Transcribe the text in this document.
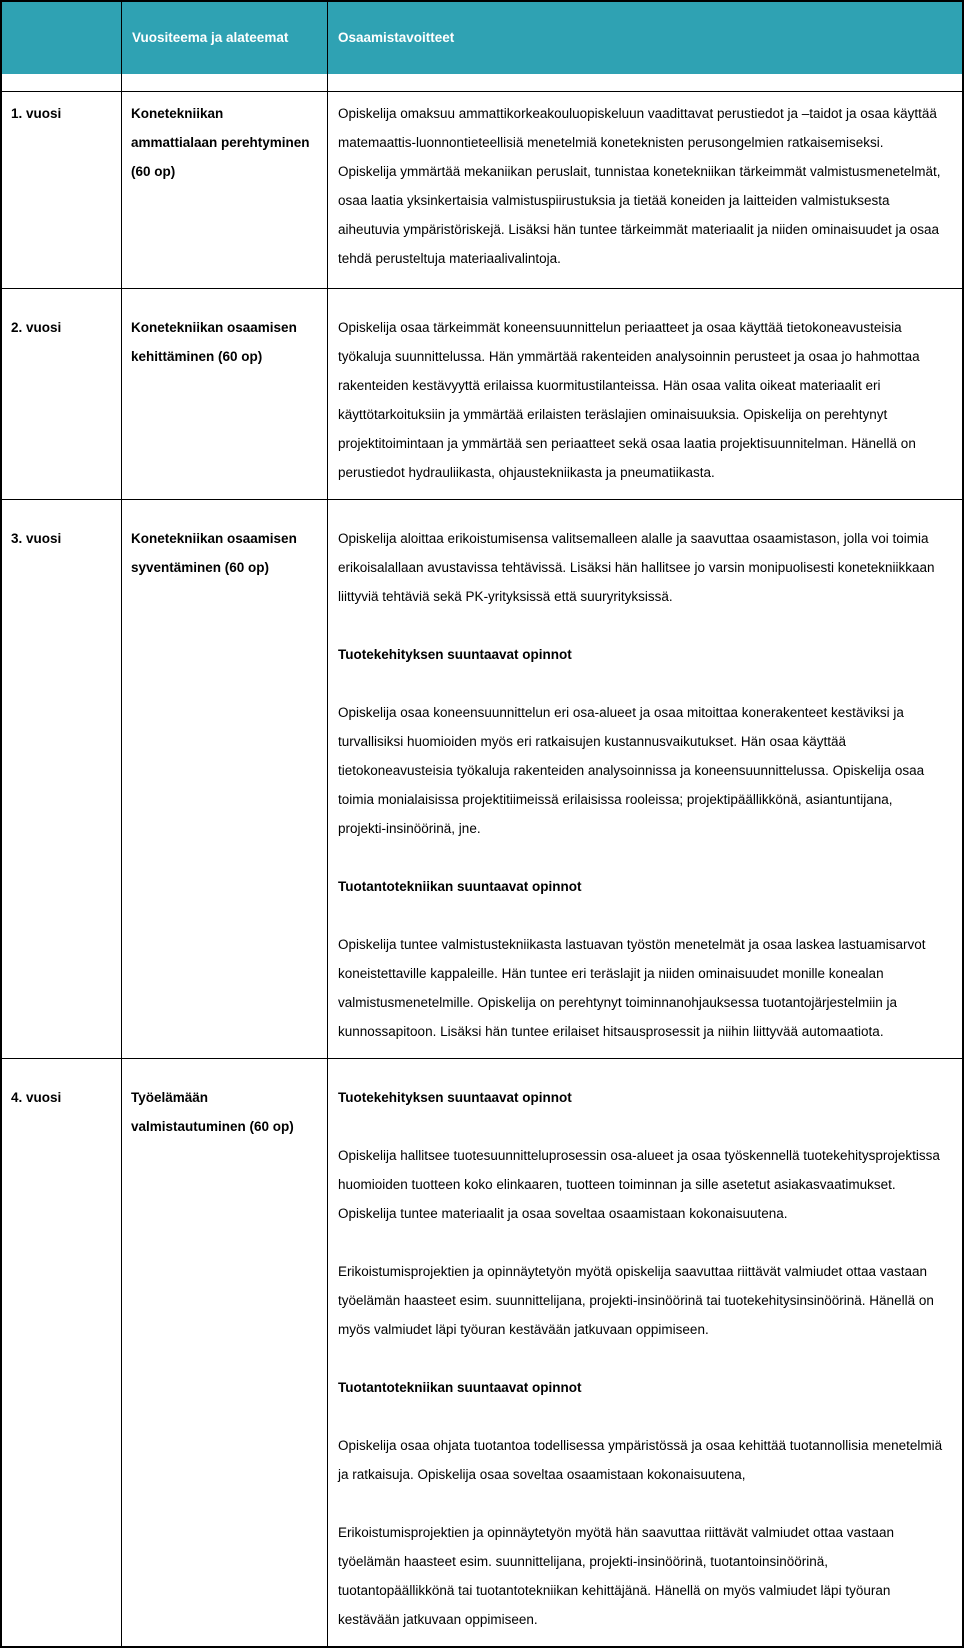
Vuositeema ja alateemat	Osaamistavoitteet
1. vuosi	Konetekniikan ammattialaan perehtyminen (60 op)

Opiskelija omaksuu ammattikorkeakouluopiskeluun vaadittavat perustiedot ja –taidot ja osaa käyttää matemaattis-luonnontieteellisiä menetelmiä koneteknisten perusongelmien ratkaisemiseksi. Opiskelija ymmärtää mekaniikan peruslait, tunnistaa konetekniikan tärkeimmät valmistusmenetelmät, osaa laatia yksinkertaisia valmistuspiirustuksia ja tietää koneiden ja laitteiden valmistuksesta aiheutuvia ympäristöriskejä. Lisäksi hän tuntee tärkeimmät materiaalit ja niiden ominaisuudet ja osaa tehdä perusteltuja materiaalivalintoja.

2. vuosi	Konetekniikan osaamisen kehittäminen (60 op)

Opiskelija osaa tärkeimmät koneensuunnittelun periaatteet ja osaa käyttää tietokoneavusteisia työkaluja suunnittelussa. Hän ymmärtää rakenteiden analysoinnin perusteet ja osaa jo hahmottaa rakenteiden kestävyyttä erilaissa kuormitustilanteissa. Hän osaa valita oikeat materiaalit eri käyttötarkoituksiin ja ymmärtää erilaisten teräslajien ominaisuuksia. Opiskelija on perehtynyt projektitoimintaan ja ymmärtää sen periaatteet sekä osaa laatia projektisuunnitelman. Hänellä on perustiedot hydrauliikasta, ohjaustekniikasta ja pneumatiikasta.

3. vuosi	Konetekniikan osaamisen syventäminen (60 op)

Opiskelija aloittaa erikoistumisensa valitsemalleen alalle ja saavuttaa osaamistason, jolla voi toimia erikoisalallaan avustavissa tehtävissä. Lisäksi hän hallitsee jo varsin monipuolisesti konetekniikkaan liittyviä tehtäviä sekä PK-yrityksissä että suuryrityksissä.

Tuotekehityksen suuntaavat opinnot

Opiskelija osaa koneensuunnittelun eri osa-alueet ja osaa mitoittaa konerakenteet kestäviksi ja turvallisiksi huomioiden myös eri ratkaisujen kustannusvaikutukset. Hän osaa käyttää tietokoneavusteisia työkaluja rakenteiden analysoinnissa ja koneensuunnittelussa. Opiskelija osaa toimia monialaisissa projektitiimeissä erilaisissa rooleissa; projektipäällikkönä, asiantuntijana, projekti-insinöörinä, jne.

Tuotantotekniikan suuntaavat opinnot

Opiskelija tuntee valmistustekniikasta lastuavan työstön menetelmät ja osaa laskea lastuamisarvot koneistettaville kappaleille. Hän tuntee eri teräslajit ja niiden ominaisuudet monille konealan valmistusmenetelmille. Opiskelija on perehtynyt toiminnanohjauksessa tuotantojärjestelmiin ja kunnossapitoon. Lisäksi hän tuntee erilaiset hitsausprosessit ja niihin liittyvää automaatiota.

4. vuosi	Työelämään valmistautuminen (60 op)
Tuotekehityksen suuntaavat opinnot

Opiskelija hallitsee tuotesuunnitteluprosessin osa-alueet ja osaa työskennellä tuotekehitysprojektissa huomioiden tuotteen koko elinkaaren, tuotteen toiminnan ja sille asetetut asiakasvaatimukset. Opiskelija tuntee materiaalit ja osaa soveltaa osaamistaan kokonaisuutena.

Erikoistumisprojektien ja opinnäytetyön myötä opiskelija saavuttaa riittävät valmiudet ottaa vastaan työelämän haasteet esim. suunnittelijana, projekti-insinöörinä tai tuotekehitysinsinöörinä. Hänellä on myös valmiudet läpi työuran kestävään jatkuvaan oppimiseen.

Tuotantotekniikan suuntaavat opinnot

Opiskelija osaa ohjata tuotantoa todellisessa ympäristössä ja osaa kehittää tuotannollisia menetelmiä ja ratkaisuja. Opiskelija osaa soveltaa osaamistaan kokonaisuutena,

Erikoistumisprojektien ja opinnäytetyön myötä hän saavuttaa riittävät valmiudet ottaa vastaan työelämän haasteet esim. suunnittelijana, projekti-insinöörinä, tuotantoinsinöörinä, tuotantopäällikkönä tai tuotantotekniikan kehittäjänä. Hänellä on myös valmiudet läpi työuran kestävään jatkuvaan oppimiseen.
